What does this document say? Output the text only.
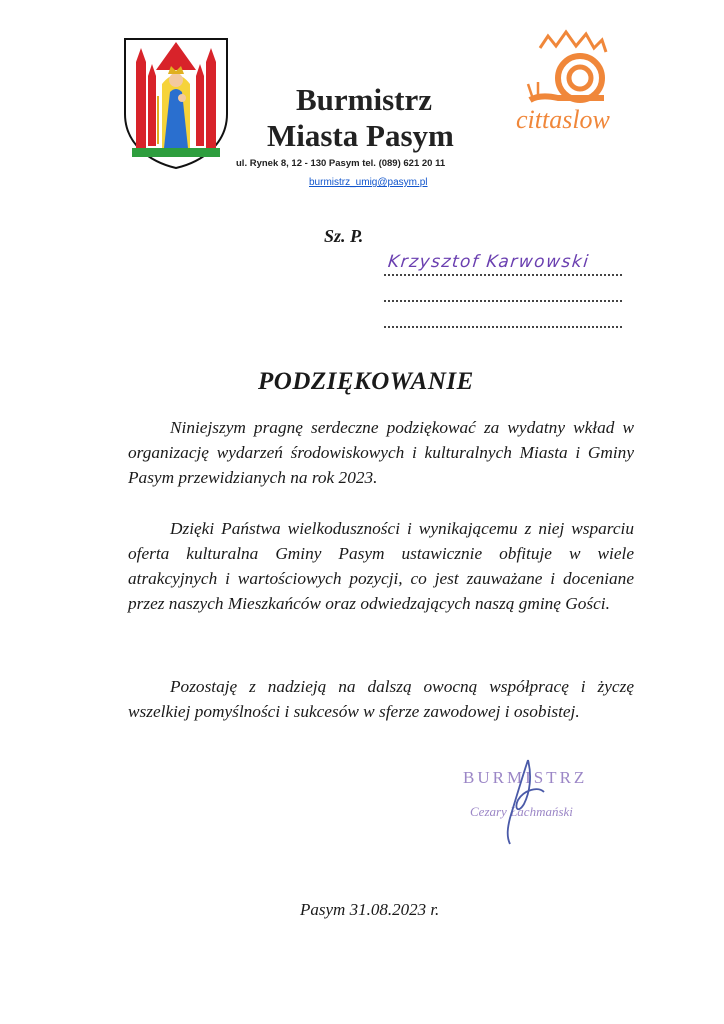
cittaslow
Burmistrz
Miasta Pasym
ul. Rynek 8, 12 - 130 Pasym tel. (089) 621 20 11
burmistrz_umig@pasym.pl
Sz. P.
Krzysztof Karwowski
PODZIĘKOWANIE

Niniejszym pragnę serdeczne podziękować za wydatny wkład w organizację wydarzeń środowiskowych i kulturalnych Miasta i Gminy Pasym przewidzianych na rok 2023.

Dzięki Państwa wielkoduszności i wynikającemu z niej wsparciu oferta kulturalna Gminy Pasym ustawicznie obfituje w wiele atrakcyjnych i wartościowych pozycji, co jest zauważane i doceniane przez naszych Mieszkańców oraz odwiedzających naszą gminę Gości.

Pozostaję z nadzieją na dalszą owocną współpracę i życzę wszelkiej pomyślności i sukcesów w sferze zawodowej i osobistej.

BURMISTRZ
Cezary Łachmański
Pasym 31.08.2023 r.
